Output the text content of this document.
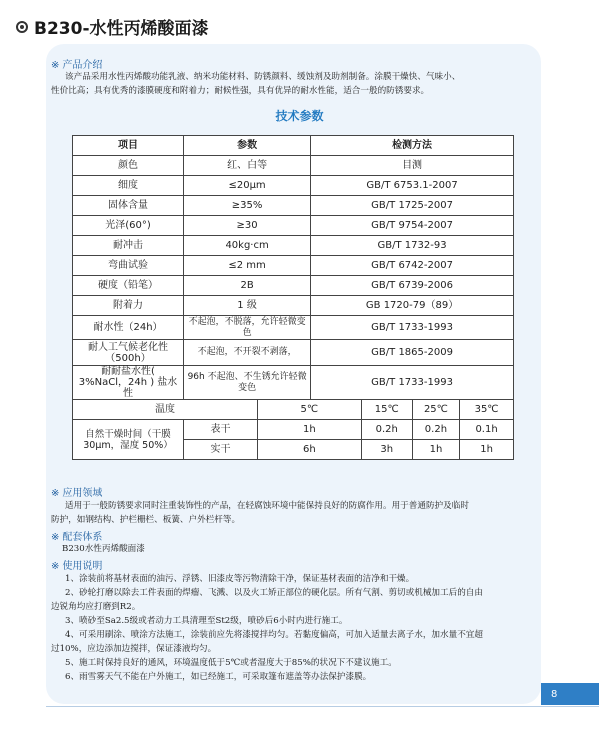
B230-水性丙烯酸面漆
※ 产品介绍
该产品采用水性丙烯酸功能乳液、纳米功能材料、防锈颜料、缓蚀剂及助剂制备。涂膜干燥快、气味小、
性价比高；具有优秀的漆膜硬度和附着力；耐候性强，具有优异的耐水性能，适合一般的防锈要求。
技术参数
项目	参数		检测方法			
颜色	红、白等		目测			
细度	≤20μm		GB/T 6753.1-2007			
固体含量	≥35%		GB/T 1725-2007			
光泽(60°)	≥30		GB/T 9754-2007			
耐冲击	40kg·cm		GB/T 1732-93			
弯曲试验	≤2 mm		GB/T 6742-2007			
硬度（铅笔）	2B		GB/T 6739-2006			
附着力	1 级		GB 1720-79（89）			
耐水性（24h）	不起泡，不脱落，允许轻微变色		GB/T 1733-1993			
耐人工气候老化性（500h）	不起泡，不开裂不剥落，		GB/T 1865-2009			
耐耐盐水性( 3%NaCl，24h ) 盐水性	96h 不起泡、不生锈允许轻微变色		GB/T 1733-1993			
温度		5℃		15℃	25℃	35℃
自然干燥时间（干膜 30μm，湿度 50%）	表干	1h		0.2h	0.2h	0.1h
	实干	6h		3h	1h	1h
※ 应用领域
适用于一般防锈要求同时注重装饰性的产品，在轻腐蚀环境中能保持良好的防腐作用。用于普通防护及临时
防护，如钢结构、护栏栅栏、板簧、户外栏杆等。
※ 配套体系
B230水性丙烯酸面漆
※ 使用说明
1、涂装前将基材表面的油污、浮锈、旧漆皮等污物清除干净，保证基材表面的洁净和干燥。
2、砂轮打磨以除去工件表面的焊瘤、飞溅、以及火工矫正部位的硬化层。所有气割、剪切或机械加工后的自由
边锐角均应打磨到R2。
3、喷砂至Sa2.5级或者动力工具清理至St2级，喷砂后6小时内进行施工。
4、可采用刷涂、喷涂方法施工，涂装前应先将漆搅拌均匀。若黏度偏高，可加入适量去离子水，加水量不宜超
过10%，应边添加边搅拌，保证漆液均匀。
5、施工时保持良好的通风，环境温度低于5℃或者湿度大于85%的状况下不建议施工。
6、雨雪雾天气不能在户外施工，如已经施工，可采取篷布遮盖等办法保护漆膜。
8
